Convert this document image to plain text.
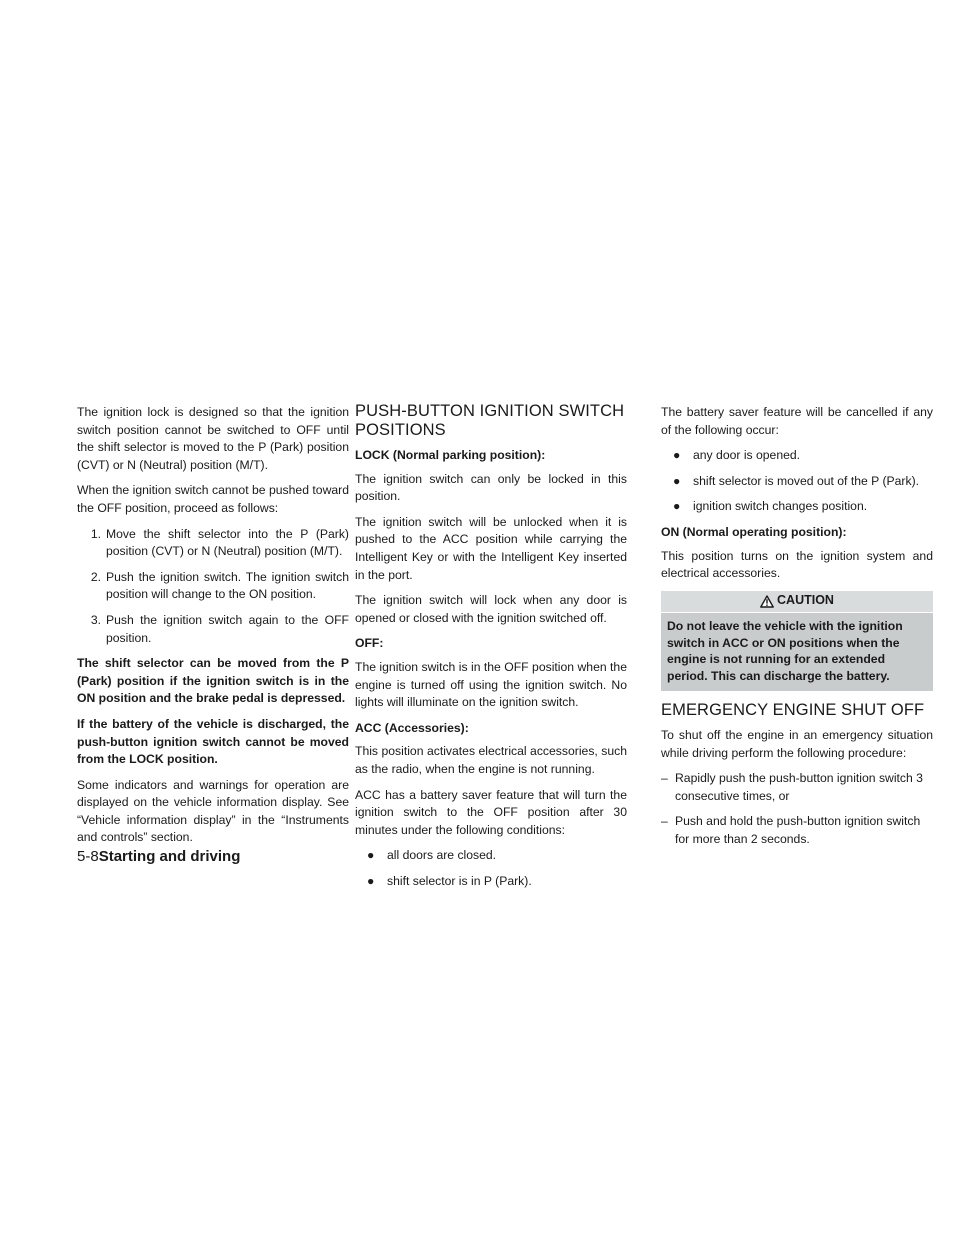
The ignition lock is designed so that the ignition switch position cannot be switched to OFF until the shift selector is moved to the P (Park) position (CVT) or N (Neutral) position (M/T).

When the ignition switch cannot be pushed toward the OFF position, proceed as follows:

1. Move the shift selector into the P (Park) position (CVT) or N (Neutral) position (M/T).
2. Push the ignition switch. The ignition switch position will change to the ON position.
3. Push the ignition switch again to the OFF position.

The shift selector can be moved from the P (Park) position if the ignition switch is in the ON position and the brake pedal is depressed.

If the battery of the vehicle is discharged, the push-button ignition switch cannot be moved from the LOCK position.

Some indicators and warnings for operation are displayed on the vehicle information display. See “Vehicle information display” in the “Instruments and controls” section.

PUSH-BUTTON IGNITION SWITCH POSITIONS
LOCK (Normal parking position):

The ignition switch can only be locked in this position.

The ignition switch will be unlocked when it is pushed to the ACC position while carrying the Intelligent Key or with the Intelligent Key inserted in the port.

The ignition switch will lock when any door is opened or closed with the ignition switched off.

OFF:

The ignition switch is in the OFF position when the engine is turned off using the ignition switch. No lights will illuminate on the ignition switch.

ACC (Accessories):

This position activates electrical accessories, such as the radio, when the engine is not running.

ACC has a battery saver feature that will turn the ignition switch to the OFF position after 30 minutes under the following conditions:

●	all doors are closed.
●	shift selector is in P (Park).

The battery saver feature will be cancelled if any of the following occur:

●	any door is opened.
●	shift selector is moved out of the P (Park).
●	ignition switch changes position.
ON (Normal operating position):

This position turns on the ignition system and electrical accessories.

CAUTION
Do not leave the vehicle with the ignition switch in ACC or ON positions when the engine is not running for an extended period. This can discharge the battery.
EMERGENCY ENGINE SHUT OFF

To shut off the engine in an emergency situation while driving perform the following procedure:

– Rapidly push the push-button ignition switch 3 consecutive times, or
– Push and hold the push-button ignition switch for more than 2 seconds.
5-8Starting and driving
